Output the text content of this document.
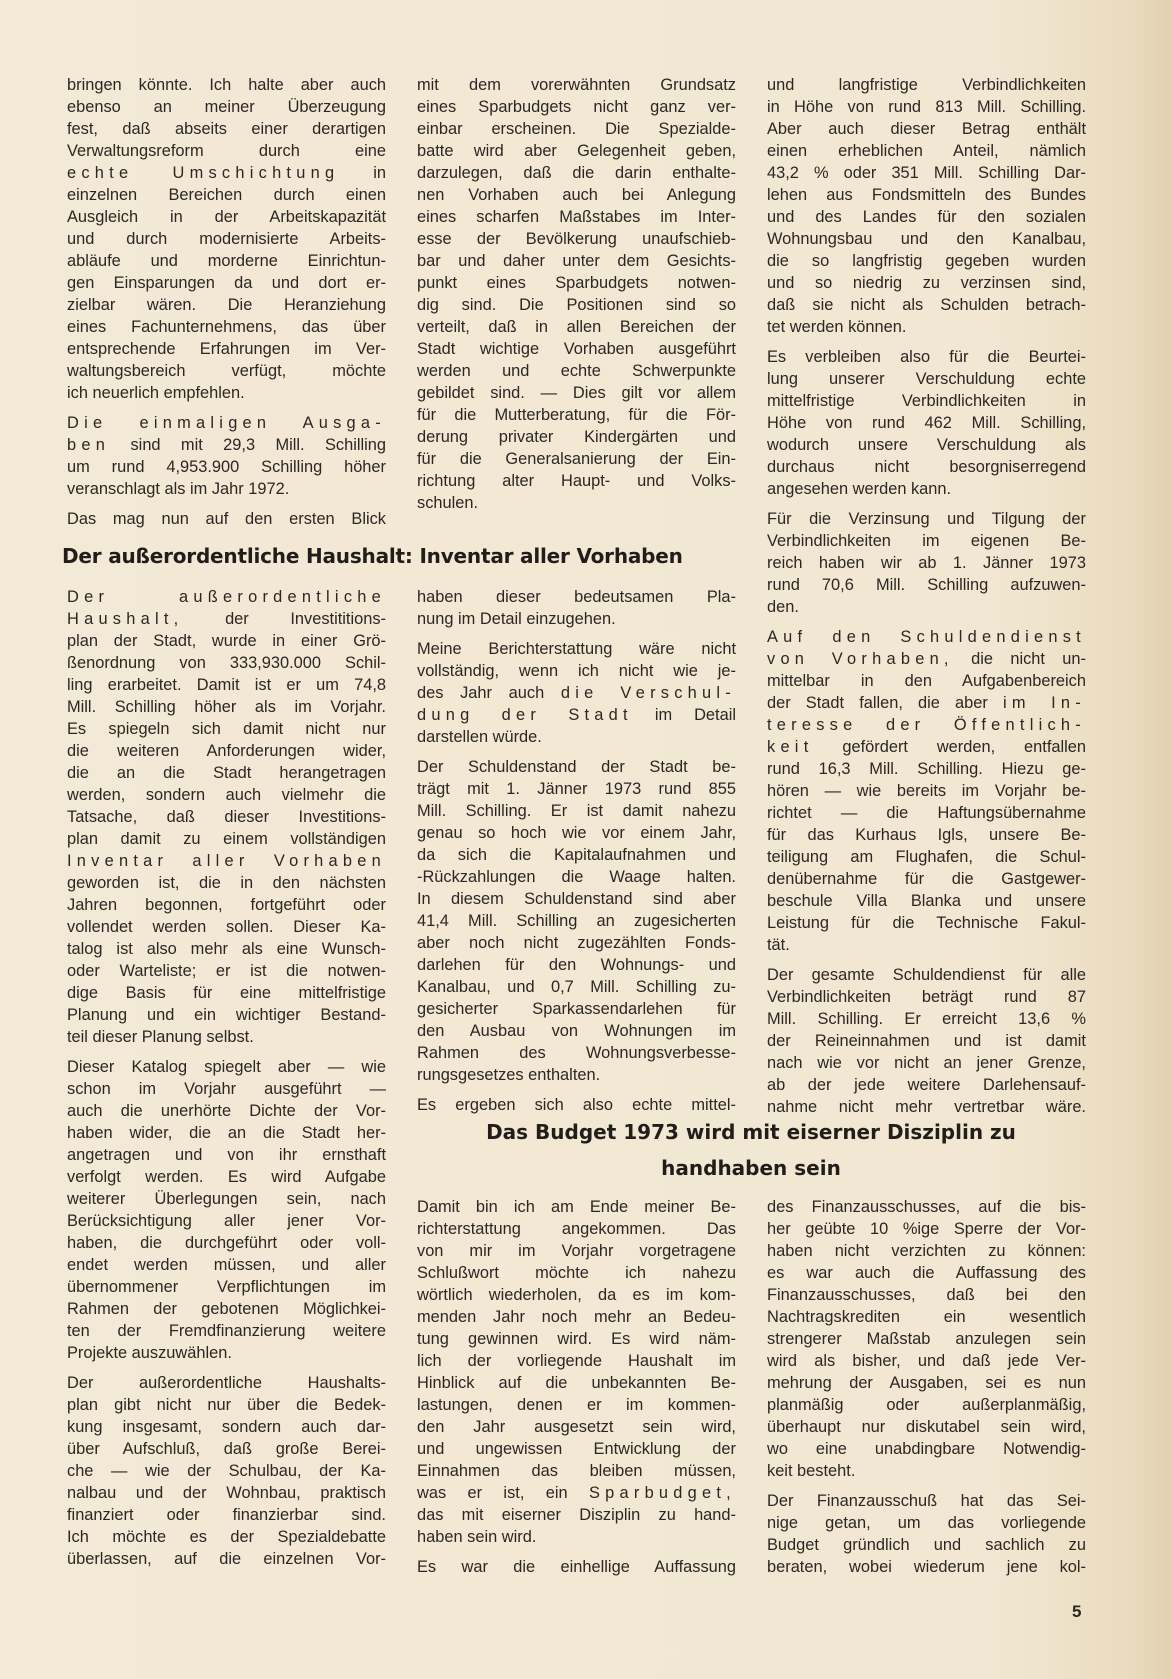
Der außerordentliche Haushalt: Inventar aller Vorhaben
Das Budget 1973 wird mit eiserner Disziplin zu
handhaben sein
bringen könnte. Ich halte aber auch
ebenso an meiner Überzeugung
fest, daß abseits einer derartigen
Verwaltungsreform durch eine
echte Umschichtung in
einzelnen Bereichen durch einen
Ausgleich in der Arbeitskapazität
und durch modernisierte Arbeits-
abläufe und morderne Einrichtun-
gen Einsparungen da und dort er-
zielbar wären. Die Heranziehung
eines Fachunternehmens, das über
entsprechende Erfahrungen im Ver-
waltungsbereich verfügt, möchte
ich neuerlich empfehlen.
Die einmaligen Ausga-
ben sind mit 29,3 Mill. Schilling
um rund 4,953.900 Schilling höher
veranschlagt als im Jahr 1972.
Das mag nun auf den ersten Blick
mit dem vorerwähnten Grundsatz
eines Sparbudgets nicht ganz ver-
einbar erscheinen. Die Spezialde-
batte wird aber Gelegenheit geben,
darzulegen, daß die darin enthalte-
nen Vorhaben auch bei Anlegung
eines scharfen Maßstabes im Inter-
esse der Bevölkerung unaufschieb-
bar und daher unter dem Gesichts-
punkt eines Sparbudgets notwen-
dig sind. Die Positionen sind so
verteilt, daß in allen Bereichen der
Stadt wichtige Vorhaben ausgeführt
werden und echte Schwerpunkte
gebildet sind. — Dies gilt vor allem
für die Mutterberatung, für die För-
derung privater Kindergärten und
für die Generalsanierung der Ein-
richtung alter Haupt- und Volks-
schulen.
und langfristige Verbindlichkeiten
in Höhe von rund 813 Mill. Schilling.
Aber auch dieser Betrag enthält
einen erheblichen Anteil, nämlich
43,2 % oder 351 Mill. Schilling Dar-
lehen aus Fondsmitteln des Bundes
und des Landes für den sozialen
Wohnungsbau und den Kanalbau,
die so langfristig gegeben wurden
und so niedrig zu verzinsen sind,
daß sie nicht als Schulden betrach-
tet werden können.
Es verbleiben also für die Beurtei-
lung unserer Verschuldung echte
mittelfristige Verbindlichkeiten in
Höhe von rund 462 Mill. Schilling,
wodurch unsere Verschuldung als
durchaus nicht besorgniserregend
angesehen werden kann.
Für die Verzinsung und Tilgung der
Verbindlichkeiten im eigenen Be-
reich haben wir ab 1. Jänner 1973
rund 70,6 Mill. Schilling aufzuwen-
den.
Auf den Schuldendienst
von Vorhaben, die nicht un-
mittelbar in den Aufgabenbereich
der Stadt fallen, die aber im In-
teresse der Öffentlich-
keit gefördert werden, entfallen
rund 16,3 Mill. Schilling. Hiezu ge-
hören — wie bereits im Vorjahr be-
richtet — die Haftungsübernahme
für das Kurhaus Igls, unsere Be-
teiligung am Flughafen, die Schul-
denübernahme für die Gastgewer-
beschule Villa Blanka und unsere
Leistung für die Technische Fakul-
tät.
Der gesamte Schuldendienst für alle
Verbindlichkeiten beträgt rund 87
Mill. Schilling. Er erreicht 13,6 %
der Reineinnahmen und ist damit
nach wie vor nicht an jener Grenze,
ab der jede weitere Darlehensauf-
nahme nicht mehr vertretbar wäre.
Der außerordentliche
Haushalt, der Investititions-
plan der Stadt, wurde in einer Grö-
ßenordnung von 333,930.000 Schil-
ling erarbeitet. Damit ist er um 74,8
Mill. Schilling höher als im Vorjahr.
Es spiegeln sich damit nicht nur
die weiteren Anforderungen wider,
die an die Stadt herangetragen
werden, sondern auch vielmehr die
Tatsache, daß dieser Investitions-
plan damit zu einem vollständigen
Inventar aller Vorhaben
geworden ist, die in den nächsten
Jahren begonnen, fortgeführt oder
vollendet werden sollen. Dieser Ka-
talog ist also mehr als eine Wunsch-
oder Warteliste; er ist die notwen-
dige Basis für eine mittelfristige
Planung und ein wichtiger Bestand-
teil dieser Planung selbst.
Dieser Katalog spiegelt aber — wie
schon im Vorjahr ausgeführt —
auch die unerhörte Dichte der Vor-
haben wider, die an die Stadt her-
angetragen und von ihr ernsthaft
verfolgt werden. Es wird Aufgabe
weiterer Überlegungen sein, nach
Berücksichtigung aller jener Vor-
haben, die durchgeführt oder voll-
endet werden müssen, und aller
übernommener Verpflichtungen im
Rahmen der gebotenen Möglichkei-
ten der Fremdfinanzierung weitere
Projekte auszuwählen.
Der außerordentliche Haushalts-
plan gibt nicht nur über die Bedek-
kung insgesamt, sondern auch dar-
über Aufschluß, daß große Berei-
che — wie der Schulbau, der Ka-
nalbau und der Wohnbau, praktisch
finanziert oder finanzierbar sind.
Ich möchte es der Spezialdebatte
überlassen, auf die einzelnen Vor-
haben dieser bedeutsamen Pla-
nung im Detail einzugehen.
Meine Berichterstattung wäre nicht
vollständig, wenn ich nicht wie je-
des Jahr auch die Verschul-
dung der Stadt im Detail
darstellen würde.
Der Schuldenstand der Stadt be-
trägt mit 1. Jänner 1973 rund 855
Mill. Schilling. Er ist damit nahezu
genau so hoch wie vor einem Jahr,
da sich die Kapitalaufnahmen und
-Rückzahlungen die Waage halten.
In diesem Schuldenstand sind aber
41,4 Mill. Schilling an zugesicherten
aber noch nicht zugezählten Fonds-
darlehen für den Wohnungs- und
Kanalbau, und 0,7 Mill. Schilling zu-
gesicherter Sparkassendarlehen für
den Ausbau von Wohnungen im
Rahmen des Wohnungsverbesse-
rungsgesetzes enthalten.
Es ergeben sich also echte mittel-
Damit bin ich am Ende meiner Be-
richterstattung angekommen. Das
von mir im Vorjahr vorgetragene
Schlußwort möchte ich nahezu
wörtlich wiederholen, da es im kom-
menden Jahr noch mehr an Bedeu-
tung gewinnen wird. Es wird näm-
lich der vorliegende Haushalt im
Hinblick auf die unbekannten Be-
lastungen, denen er im kommen-
den Jahr ausgesetzt sein wird,
und ungewissen Entwicklung der
Einnahmen das bleiben müssen,
was er ist, ein Sparbudget,
das mit eiserner Disziplin zu hand-
haben sein wird.
Es war die einhellige Auffassung
des Finanzausschusses, auf die bis-
her geübte 10 %ige Sperre der Vor-
haben nicht verzichten zu können:
es war auch die Auffassung des
Finanzausschusses, daß bei den
Nachtragskrediten ein wesentlich
strengerer Maßstab anzulegen sein
wird als bisher, und daß jede Ver-
mehrung der Ausgaben, sei es nun
planmäßig oder außerplanmäßig,
überhaupt nur diskutabel sein wird,
wo eine unabdingbare Notwendig-
keit besteht.
Der Finanzausschuß hat das Sei-
nige getan, um das vorliegende
Budget gründlich und sachlich zu
beraten, wobei wiederum jene kol-
5
